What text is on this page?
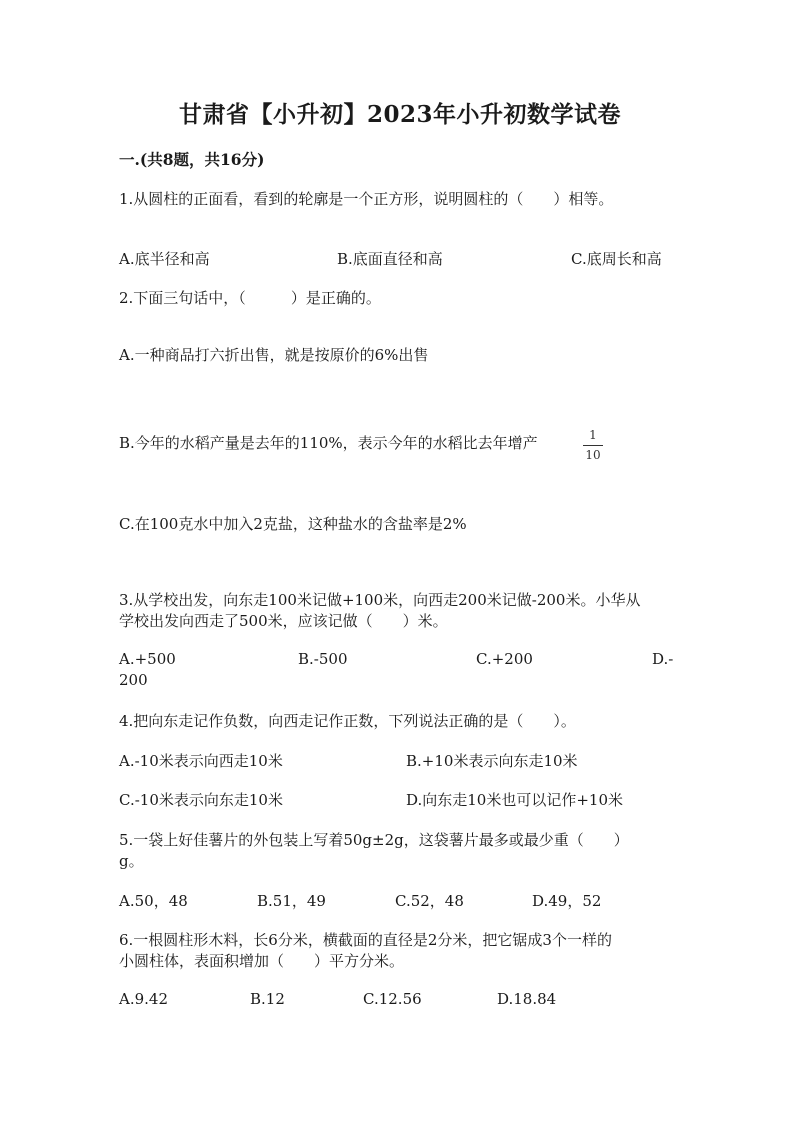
甘肃省【小升初】2023年小升初数学试卷
一.(共8题，共16分)
1.从圆柱的正面看，看到的轮廓是一个正方形，说明圆柱的（　　）相等。
A.底半径和高	B.底面直径和高	C.底周长和高
2.下面三句话中，（　　　）是正确的。
A.一种商品打六折出售，就是按原价的6%出售
B.今年的水稻产量是去年的110%，表示今年的水稻比去年增产	1
10
C.在100克水中加入2克盐，这种盐水的含盐率是2%
3.从学校出发，向东走100米记做+100米，向西走200米记做-200米。小华从
学校出发向西走了500米，应该记做（　　）米。
A.+500	B.-500	C.+200	D.-
200
4.把向东走记作负数，向西走记作正数，下列说法正确的是（　　）。
A.-10米表示向西走10米	B.+10米表示向东走10米
C.-10米表示向东走10米	D.向东走10米也可以记作+10米
5.一袋上好佳薯片的外包装上写着50g±2g，这袋薯片最多或最少重（　　）
g。
A.50，48	B.51，49	C.52，48	D.49，52
6.一根圆柱形木料，长6分米，横截面的直径是2分米，把它锯成3个一样的
小圆柱体，表面积增加（　　）平方分米。
A.9.42	B.12	C.12.56	D.18.84
